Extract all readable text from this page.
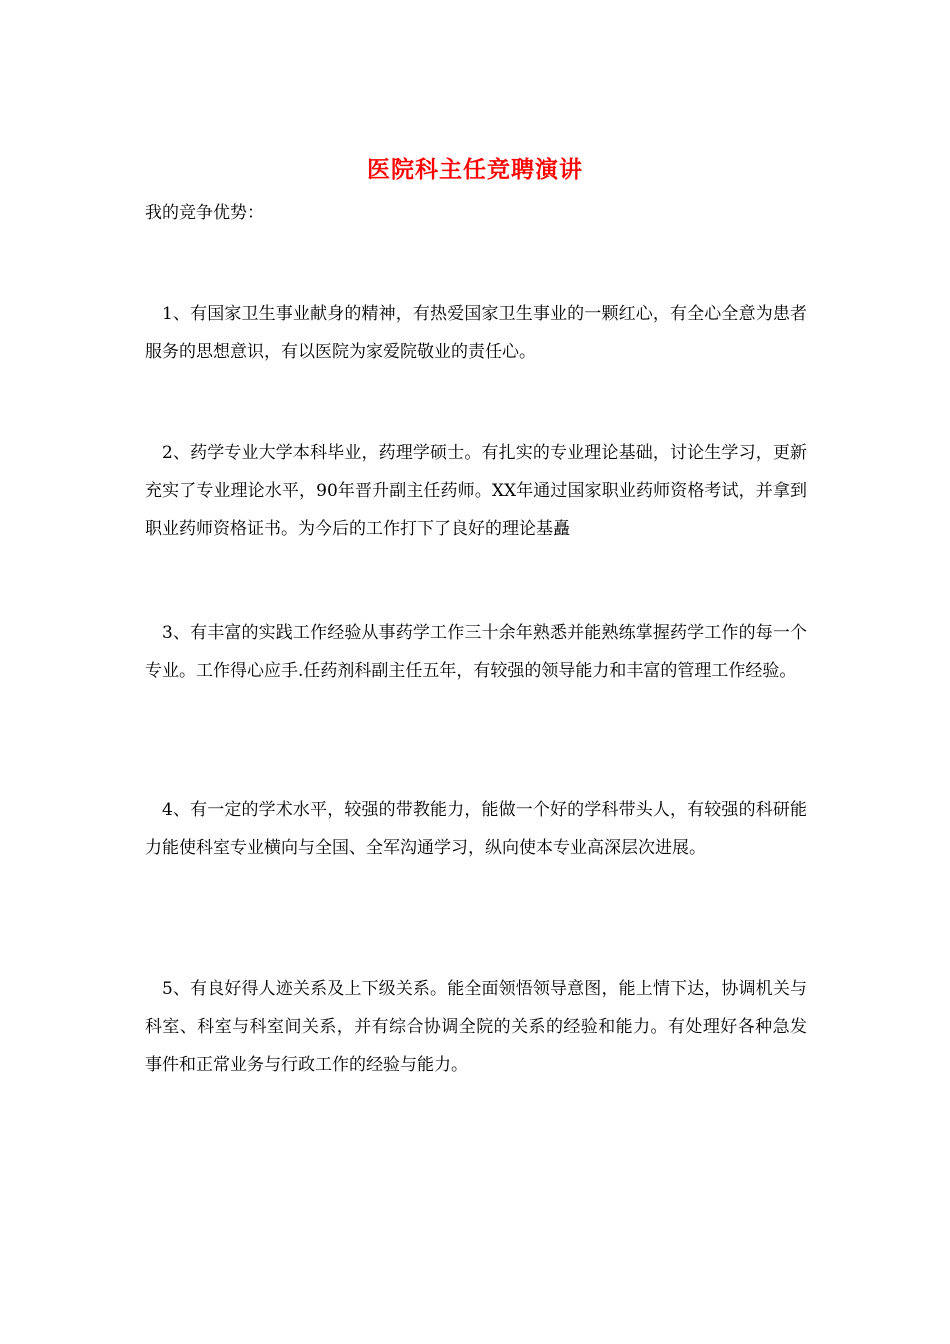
医院科主任竞聘演讲

我的竞争优势：

1、有国家卫生事业献身的精神，有热爱国家卫生事业的一颗红心，有全心全意为患者服务的思想意识，有以医院为家爱院敬业的责任心。

2、药学专业大学本科毕业，药理学硕士。有扎实的专业理论基础，讨论生学习，更新充实了专业理论水平，90年晋升副主任药师。XX年通过国家职业药师资格考试，并拿到职业药师资格证书。为今后的工作打下了良好的理论基矗

3、有丰富的实践工作经验从事药学工作三十余年熟悉并能熟练掌握药学工作的每一个专业。工作得心应手.任药剂科副主任五年，有较强的领导能力和丰富的管理工作经验。

4、有一定的学术水平，较强的带教能力，能做一个好的学科带头人，有较强的科研能力能使科室专业横向与全国、全军沟通学习，纵向使本专业高深层次进展。

5、有良好得人迹关系及上下级关系。能全面领悟领导意图，能上情下达，协调机关与科室、科室与科室间关系，并有综合协调全院的关系的经验和能力。有处理好各种急发事件和正常业务与行政工作的经验与能力。
